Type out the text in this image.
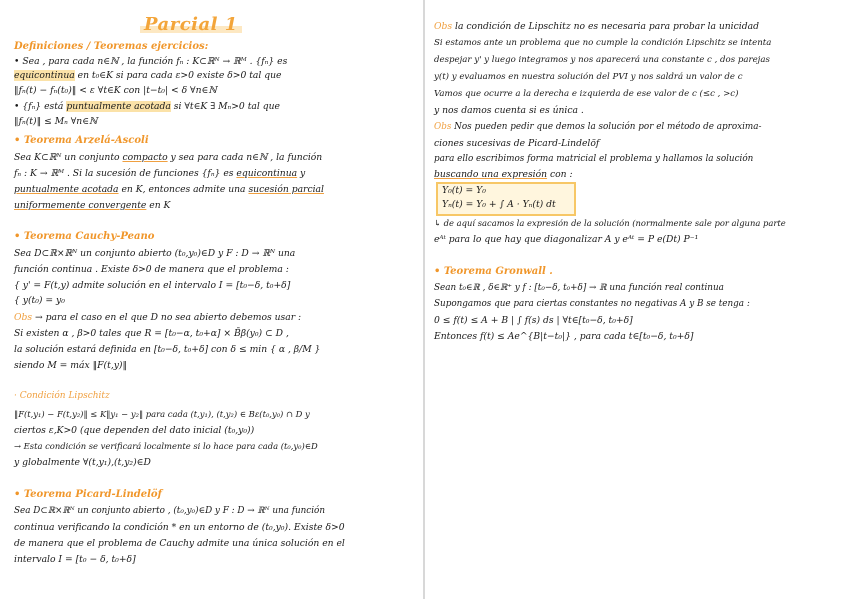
Parcial 1
Definiciones / Teoremas ejercicios:
• Sea , para cada n∈ℕ , la función fₙ : K⊂ℝᴺ → ℝᴹ . {fₙ} es
equicontinua en t₀∈K si para cada ε>0 existe δ>0 tal que
‖fₙ(t) − fₙ(t₀)‖ < ε ∀t∈K con |t−t₀| < δ ∀n∈ℕ
• {fₙ} está puntualmente acotada si ∀t∈K ∃ Mₙ>0 tal que
‖fₙ(t)‖ ≤ Mₙ ∀n∈ℕ
• Teorema Arzelá-Ascoli
Sea K⊂ℝᴺ un conjunto compacto y sea para cada n∈ℕ , la función
fₙ : K → ℝᴹ . Si la sucesión de funciones {fₙ} es equicontinua y
puntualmente acotada en K, entonces admite una sucesión parcial
uniformemente convergente en K
• Teorema Cauchy-Peano
Sea D⊂ℝ×ℝᴺ un conjunto abierto (t₀,y₀)∈D y F : D → ℝᴺ una
función continua . Existe δ>0 de manera que el problema :
{ y' = F(t,y) admite solución en el intervalo I = [t₀−δ, t₀+δ]
{ y(t₀) = y₀
Obs → para el caso en el que D no sea abierto debemos usar :
Si existen α , β>0 tales que R = [t₀−α, t₀+α] × B̄β(y₀) ⊂ D ,
la solución estará definida en [t₀−δ, t₀+δ] con δ ≤ min { α , β/M }
siendo M = máx ‖F(t,y)‖
· Condición Lipschitz
‖F(t,y₁) − F(t,y₂)‖ ≤ K‖y₁ − y₂‖ para cada (t,y₁), (t,y₂) ∈ Bε(t₀,y₀) ∩ D y
ciertos ε,K>0 (que dependen del dato inicial (t₀,y₀))
→ Esta condición se verificará localmente si lo hace para cada (t₀,y₀)∈D
y globalmente ∀(t,y₁),(t,y₂)∈D
• Teorema Picard-Lindelöf
Sea D⊂ℝ×ℝᴺ un conjunto abierto , (t₀,y₀)∈D y F : D → ℝᴺ una función
continua verificando la condición * en un entorno de (t₀,y₀). Existe δ>0
de manera que el problema de Cauchy admite una única solución en el
intervalo I = [t₀ − δ, t₀+δ]
Obs la condición de Lipschitz no es necesaria para probar la unicidad
Si estamos ante un problema que no cumple la condición Lipschitz se intenta
despejar y' y luego integramos y nos aparecerá una constante c , dos parejas
y(t) y evaluamos en nuestra solución del PVI y nos saldrá un valor de c
Vamos que ocurre a la derecha e izquierda de ese valor de c (≤c , >c)
y nos damos cuenta si es única .
Obs Nos pueden pedir que demos la solución por el método de aproxima-
ciones sucesivas de Picard-Lindelöf
para ello escribimos forma matricial el problema y hallamos la solución
buscando una expresión con :
Y₀(t) = Y₀
Yₙ(t) = Y₀ + ∫ A · Yₙ(t) dt
↳ de aquí sacamos la expresión de la solución (normalmente sale por alguna parte
eᴬᵗ para lo que hay que diagonalizar A y eᴬᵗ = P e(Dt) P⁻¹
• Teorema Gronwall .
Sean t₀∈ℝ , δ∈ℝ⁺ y f : [t₀−δ, t₀+δ] → ℝ una función real continua
Supongamos que para ciertas constantes no negativas A y B se tenga :
0 ≤ f(t) ≤ A + B | ∫ f(s) ds | ∀t∈[t₀−δ, t₀+δ]
Entonces f(t) ≤ Ae^{B|t−t₀|} , para cada t∈[t₀−δ, t₀+δ]
